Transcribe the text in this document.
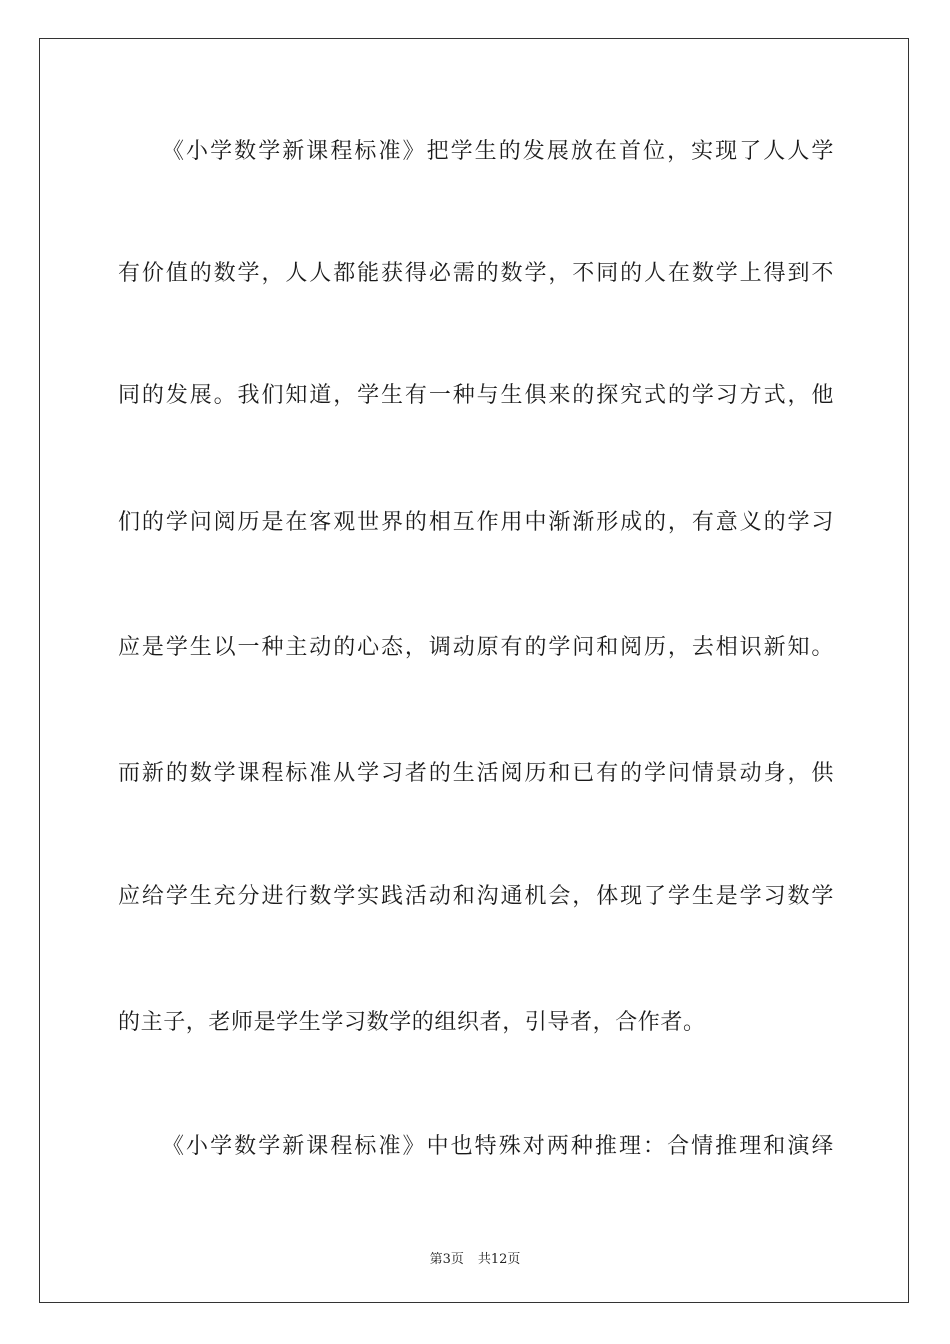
《小学数学新课程标准》把学生的发展放在首位，实现了人人学
有价值的数学，人人都能获得必需的数学，不同的人在数学上得到不
同的发展。我们知道，学生有一种与生俱来的探究式的学习方式，他
们的学问阅历是在客观世界的相互作用中渐渐形成的，有意义的学习
应是学生以一种主动的心态，调动原有的学问和阅历，去相识新知。
而新的数学课程标准从学习者的生活阅历和已有的学问情景动身，供
应给学生充分进行数学实践活动和沟通机会，体现了学生是学习数学
的主子，老师是学生学习数学的组织者，引导者，合作者。
《小学数学新课程标准》中也特殊对两种推理：合情推理和演绎
第3页 共12页
